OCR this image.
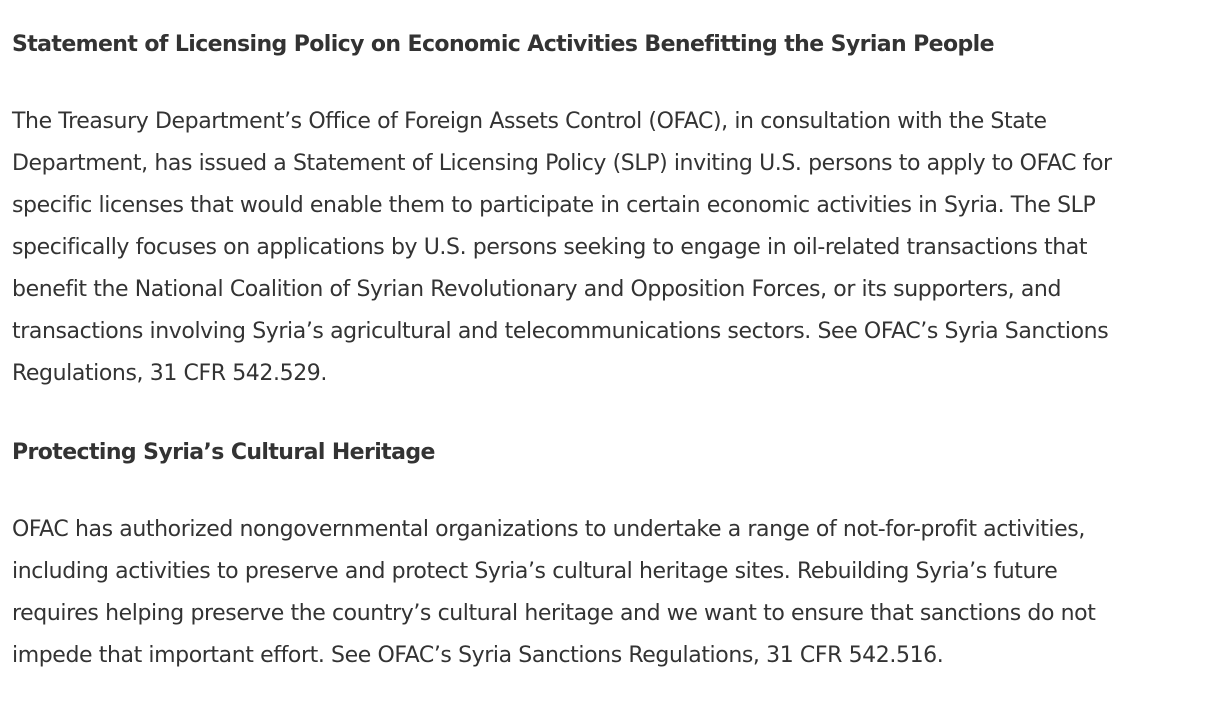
Statement of Licensing Policy on Economic Activities Benefitting the Syrian People

The Treasury Department’s Office of Foreign Assets Control (OFAC), in consultation with the State Department, has issued a Statement of Licensing Policy (SLP) inviting U.S. persons to apply to OFAC for specific licenses that would enable them to participate in certain economic activities in Syria. The SLP specifically focuses on applications by U.S. persons seeking to engage in oil-related transactions that benefit the National Coalition of Syrian Revolutionary and Opposition Forces, or its supporters, and transactions involving Syria’s agricultural and telecommunications sectors. See OFAC’s Syria Sanctions Regulations, 31 CFR 542.529.

Protecting Syria’s Cultural Heritage

OFAC has authorized nongovernmental organizations to undertake a range of not-for-profit activities, including activities to preserve and protect Syria’s cultural heritage sites. Rebuilding Syria’s future requires helping preserve the country’s cultural heritage and we want to ensure that sanctions do not impede that important effort. See OFAC’s Syria Sanctions Regulations, 31 CFR 542.516.
